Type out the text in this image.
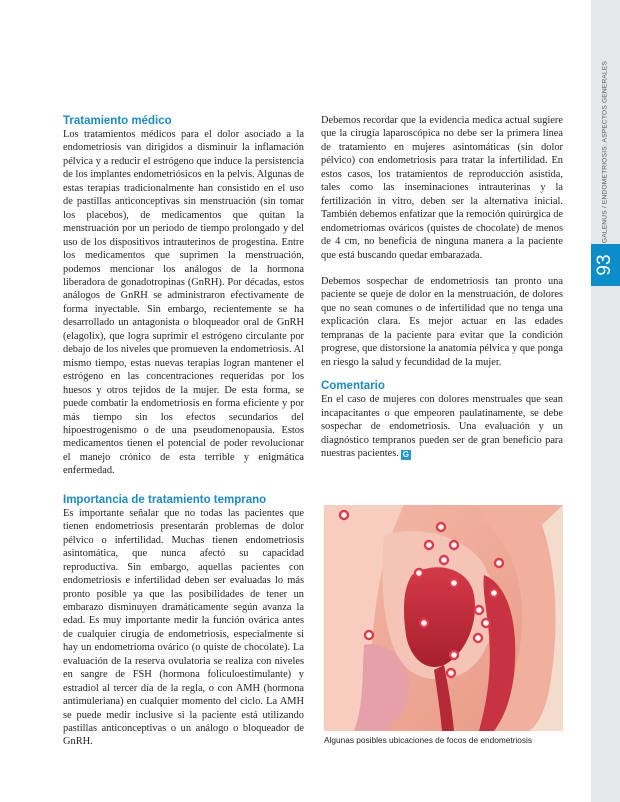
GALENUS / ENDOMETRIOSIS: ASPECTOS GENERALES
93
Tratamiento médico

Los tratamientos médicos para el dolor asociado a la endometriosis van dirigidos a disminuir la inflamación pélvica y a reducir el estrógeno que induce la persistencia de los implantes endometriósicos en la pelvis. Algunas de estas terapias tradicionalmente han consistido en el uso de pastillas anticonceptivas sin menstruación (sin tomar los placebos), de medicamentos que quitan la menstruación por un periodo de tiempo prolongado y del uso de los dispositivos intrauterinos de progestina. Entre los medicamentos que suprimen la menstruación, podemos mencionar los análogos de la hormona liberadora de gonadotropinas (GnRH). Por décadas, estos análogos de GnRH se administraron efectivamente de forma inyectable. Sin embargo, recientemente se ha desarrollado un antagonista o bloqueador oral de GnRH (elagolix), que logra suprimir el estrógeno circulante por debajo de los niveles que promueven la endometriosis. Al mismo tiempo, estas nuevas terapias logran mantener el estrógeno en las concentraciones requeridas por los huesos y otros tejidos de la mujer. De esta forma, se puede combatir la endometriosis en forma eficiente y por más tiempo sin los efectos secundarios del hipoestrogenismo o de una pseudomenopausia. Estos medicamentos tienen el potencial de poder revolucionar el manejo crónico de esta terrible y enigmática enfermedad.

Importancia de tratamiento temprano

Es importante señalar que no todas las pacientes que tienen endometriosis presentarán problemas de dolor pélvico o infertilidad. Muchas tienen endometriosis asintomática, que nunca afectó su capacidad reproductiva. Sin embargo, aquellas pacientes con endometriosis e infertilidad deben ser evaluadas lo más pronto posible ya que las posibilidades de tener un embarazo disminuyen dramáticamente según avanza la edad. Es muy importante medir la función ovárica antes de cualquier cirugía de endometriosis, especialmente si hay un endometrioma ovárico (o quiste de chocolate). La evaluación de la reserva ovulatoria se realiza con niveles en sangre de FSH (hormona foliculoestimulante) y estradiol al tercer día de la regla, o con AMH (hormona antimuleriana) en cualquier momento del ciclo. La AMH se puede medir inclusive si la paciente está utilizando pastillas anticonceptivas o un análogo o bloqueador de GnRH.

Debemos recordar que la evidencia medica actual sugiere que la cirugía laparoscópica no debe ser la primera línea de tratamiento en mujeres asintomáticas (sin dolor pélvico) con endometriosis para tratar la infertilidad. En estos casos, los tratamientos de reproducción asistida, tales como las inseminaciones intrauterinas y la fertilización in vitro, deben ser la alternativa inicial. También debemos enfatizar que la remoción quirúrgica de endometriomas ováricos (quistes de chocolate) de menos de 4 cm, no beneficia de ninguna manera a la paciente que está buscando quedar embarazada.

Debemos sospechar de endometriosis tan pronto una paciente se queje de dolor en la menstruación, de dolores que no sean comunes o de infertilidad que no tenga una explicación clara. Es mejor actuar en las edades tempranas de la paciente para evitar que la condición progrese, que distorsione la anatomía pélvica y que ponga en riesgo la salud y fecundidad de la mujer.

Comentario

En el caso de mujeres con dolores menstruales que sean incapacitantes o que empeoren paulatinamente, se debe sospechar de endometriosis. Una evaluación y un diagnóstico tempranos pueden ser de gran beneficio para nuestras pacientes. G

Algunas posibles ubicaciones de focos de endometriosis
